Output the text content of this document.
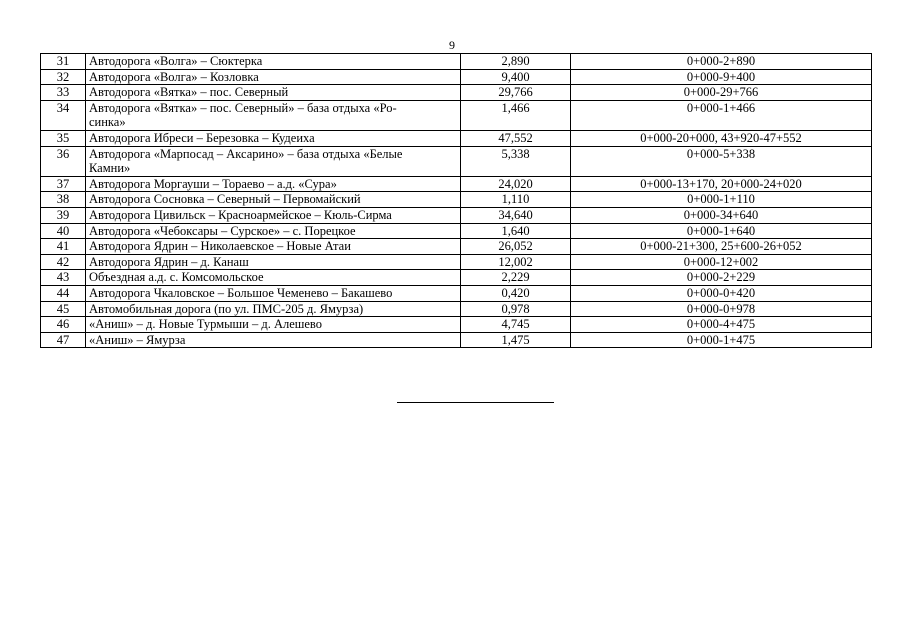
9
31	Автодорога «Волга» – Сюктерка	2,890	0+000-2+890
32	Автодорога «Волга» – Козловка	9,400	0+000-9+400
33	Автодорога «Вятка» – пос. Северный	29,766	0+000-29+766
34	Автодорога «Вятка» – пос. Северный» – база отдыха «Ро-
синка»	1,466	0+000-1+466
35	Автодорога Ибреси – Березовка – Кудеиха	47,552	0+000-20+000, 43+920-47+552
36	Автодорога «Марпосад – Аксарино» – база отдыха «Белые
Камни»	5,338	0+000-5+338
37	Автодорога Моргауши – Тораево – а.д. «Сура»	24,020	0+000-13+170, 20+000-24+020
38	Автодорога Сосновка – Северный – Первомайский	1,110	0+000-1+110
39	Автодорога Цивильск – Красноармейское – Кюль-Сирма	34,640	0+000-34+640
40	Автодорога «Чебоксары – Сурское» – с. Порецкое	1,640	0+000-1+640
41	Автодорога Ядрин – Николаевское – Новые Атаи	26,052	0+000-21+300, 25+600-26+052
42	Автодорога Ядрин – д. Канаш	12,002	0+000-12+002
43	Объездная а.д. с. Комсомольское	2,229	0+000-2+229
44	Автодорога Чкаловское – Большое Чеменево – Бакашево	0,420	0+000-0+420
45	Автомобильная дорога (по ул. ПМС-205 д. Ямурза)	0,978	0+000-0+978
46	«Аниш» – д. Новые Турмыши – д. Алешево	4,745	0+000-4+475
47	«Аниш» – Ямурза	1,475	0+000-1+475
